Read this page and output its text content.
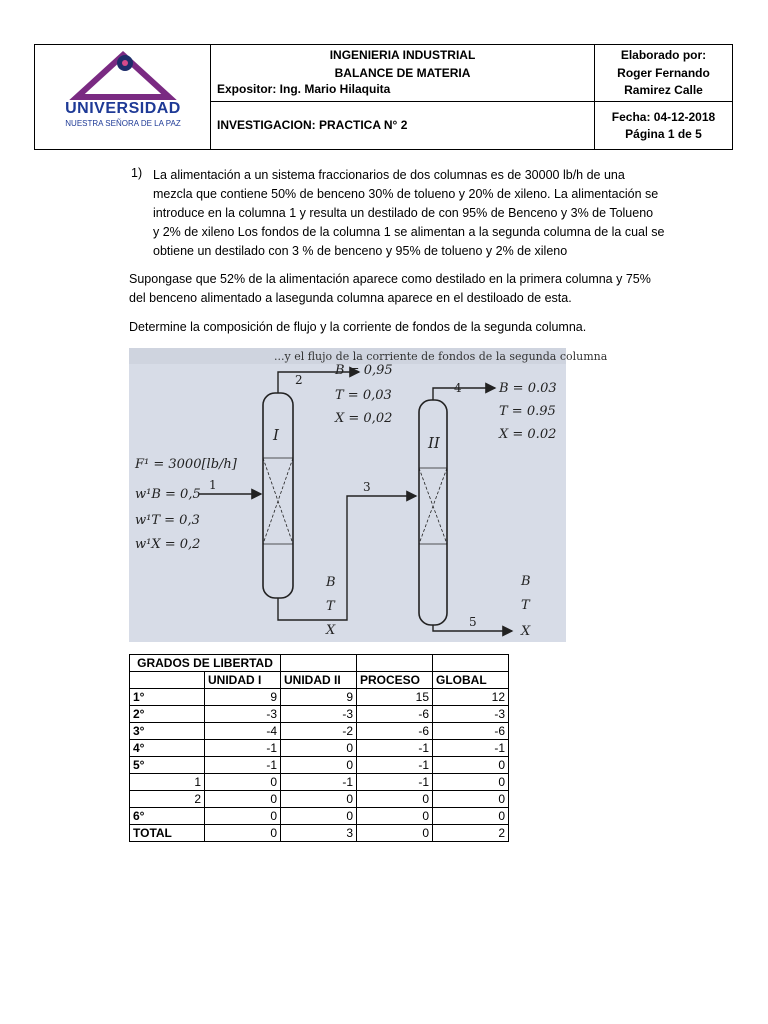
UNIVERSIDAD
NUESTRA SEÑORA DE LA PAZ
INGENIERIA INDUSTRIAL
BALANCE DE MATERIA
Expositor: Ing. Mario Hilaquita
INVESTIGACION: PRACTICA N° 2
Elaborado por:
Roger Fernando
Ramirez Calle
Fecha: 04-12-2018
Página 1 de 5
1) La alimentación a un sistema fraccionarios de dos columnas es de 30000 lb/h de una
mezcla que contiene 50% de benceno 30% de tolueno y 20% de xileno. La alimentación se
introduce en la columna 1 y resulta un destilado de con 95% de Benceno y 3% de Tolueno
y 2% de xileno Los fondos de la columna 1 se alimentan a la segunda columna de la cual se
obtiene un destilado con 3 % de benceno y 95% de tolueno y 2% de xileno
Supongase que 52% de la alimentación aparece como destilado en la primera columna y 75%
del benceno alimentado a lasegunda columna aparece en el destiloado de esta.
Determine la composición de flujo y la corriente de fondos de la segunda columna.
...y el flujo de la corriente de fondos de la segunda columna
I	II
2
B = 0,95
T = 0,03
X = 0,02
1
F¹ = 3000[lb/h]
w¹B = 0,5
w¹T = 0,3
w¹X = 0,2
3
B
T
X
4	B = 0.03
T = 0.95
X = 0.02
5
B
T
X
GRADOS DE LIBERTAD				
	UNIDAD I	UNIDAD II	PROCESO	GLOBAL
1°	9	9	15	12
2°	-3	-3	-6	-3
3°	-4	-2	-6	-6
4°	-1	0	-1	-1
5°	-1	0	-1	0
1	0	-1	-1	0
2	0	0	0	0
6°	0	0	0	0
TOTAL	0	3	0	2
